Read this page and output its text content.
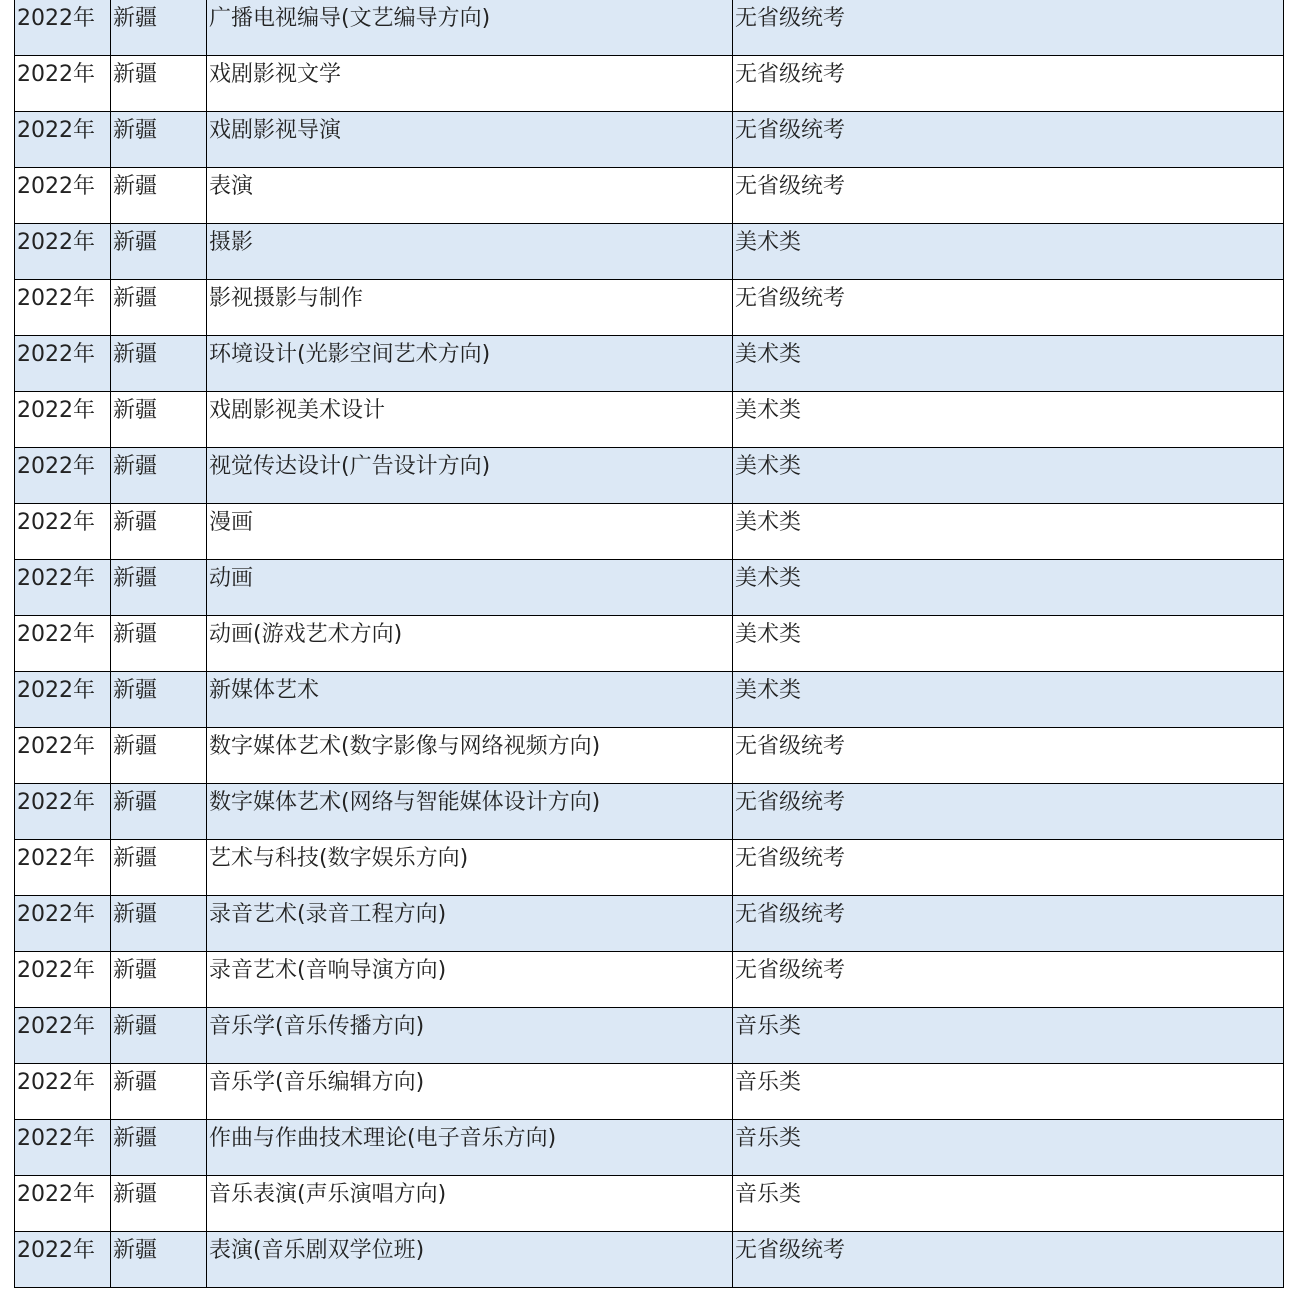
2022年	新疆	广播电视编导(文艺编导方向)	无省级统考
2022年	新疆	戏剧影视文学	无省级统考
2022年	新疆	戏剧影视导演	无省级统考
2022年	新疆	表演	无省级统考
2022年	新疆	摄影	美术类
2022年	新疆	影视摄影与制作	无省级统考
2022年	新疆	环境设计(光影空间艺术方向)	美术类
2022年	新疆	戏剧影视美术设计	美术类
2022年	新疆	视觉传达设计(广告设计方向)	美术类
2022年	新疆	漫画	美术类
2022年	新疆	动画	美术类
2022年	新疆	动画(游戏艺术方向)	美术类
2022年	新疆	新媒体艺术	美术类
2022年	新疆	数字媒体艺术(数字影像与网络视频方向)	无省级统考
2022年	新疆	数字媒体艺术(网络与智能媒体设计方向)	无省级统考
2022年	新疆	艺术与科技(数字娱乐方向)	无省级统考
2022年	新疆	录音艺术(录音工程方向)	无省级统考
2022年	新疆	录音艺术(音响导演方向)	无省级统考
2022年	新疆	音乐学(音乐传播方向)	音乐类
2022年	新疆	音乐学(音乐编辑方向)	音乐类
2022年	新疆	作曲与作曲技术理论(电子音乐方向)	音乐类
2022年	新疆	音乐表演(声乐演唱方向)	音乐类
2022年	新疆	表演(音乐剧双学位班)	无省级统考
